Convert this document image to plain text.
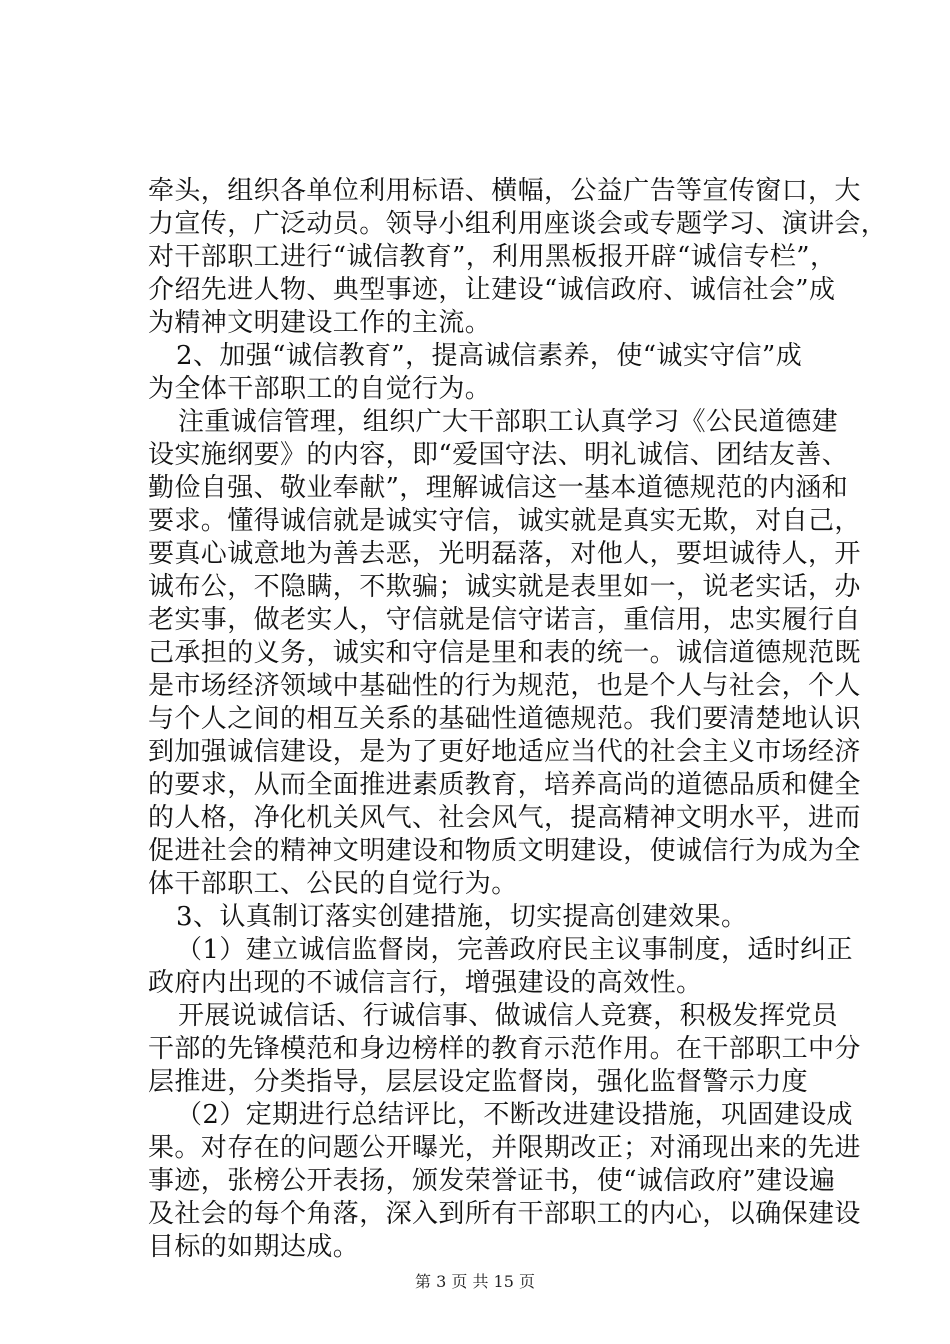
牵头，组织各单位利用标语、横幅，公益广告等宣传窗口，大
力宣传，广泛动员。领导小组利用座谈会或专题学习、演讲会，
对干部职工进行“诚信教育”，利用黑板报开辟“诚信专栏”，
介绍先进人物、典型事迹，让建设“诚信政府、诚信社会”成
为精神文明建设工作的主流。
2、加强“诚信教育”，提高诚信素养，使“诚实守信”成
为全体干部职工的自觉行为。
注重诚信管理，组织广大干部职工认真学习《公民道德建
设实施纲要》的内容，即“爱国守法、明礼诚信、团结友善、
勤俭自强、敬业奉献”，理解诚信这一基本道德规范的内涵和
要求。懂得诚信就是诚实守信，诚实就是真实无欺，对自己，
要真心诚意地为善去恶，光明磊落，对他人，要坦诚待人，开
诚布公，不隐瞒，不欺骗；诚实就是表里如一，说老实话，办
老实事，做老实人，守信就是信守诺言，重信用，忠实履行自
己承担的义务，诚实和守信是里和表的统一。诚信道德规范既
是市场经济领域中基础性的行为规范，也是个人与社会，个人
与个人之间的相互关系的基础性道德规范。我们要清楚地认识
到加强诚信建设，是为了更好地适应当代的社会主义市场经济
的要求，从而全面推进素质教育，培养高尚的道德品质和健全
的人格，净化机关风气、社会风气，提高精神文明水平，进而
促进社会的精神文明建设和物质文明建设，使诚信行为成为全
体干部职工、公民的自觉行为。
3、认真制订落实创建措施，切实提高创建效果。
（1）建立诚信监督岗，完善政府民主议事制度，适时纠正
政府内出现的不诚信言行，增强建设的高效性。
开展说诚信话、行诚信事、做诚信人竞赛，积极发挥党员
干部的先锋模范和身边榜样的教育示范作用。在干部职工中分
层推进，分类指导，层层设定监督岗，强化监督警示力度
（2）定期进行总结评比，不断改进建设措施，巩固建设成
果。对存在的问题公开曝光，并限期改正；对涌现出来的先进
事迹，张榜公开表扬，颁发荣誉证书，使“诚信政府”建设遍
及社会的每个角落，深入到所有干部职工的内心，以确保建设
目标的如期达成。
第 3 页 共 15 页
